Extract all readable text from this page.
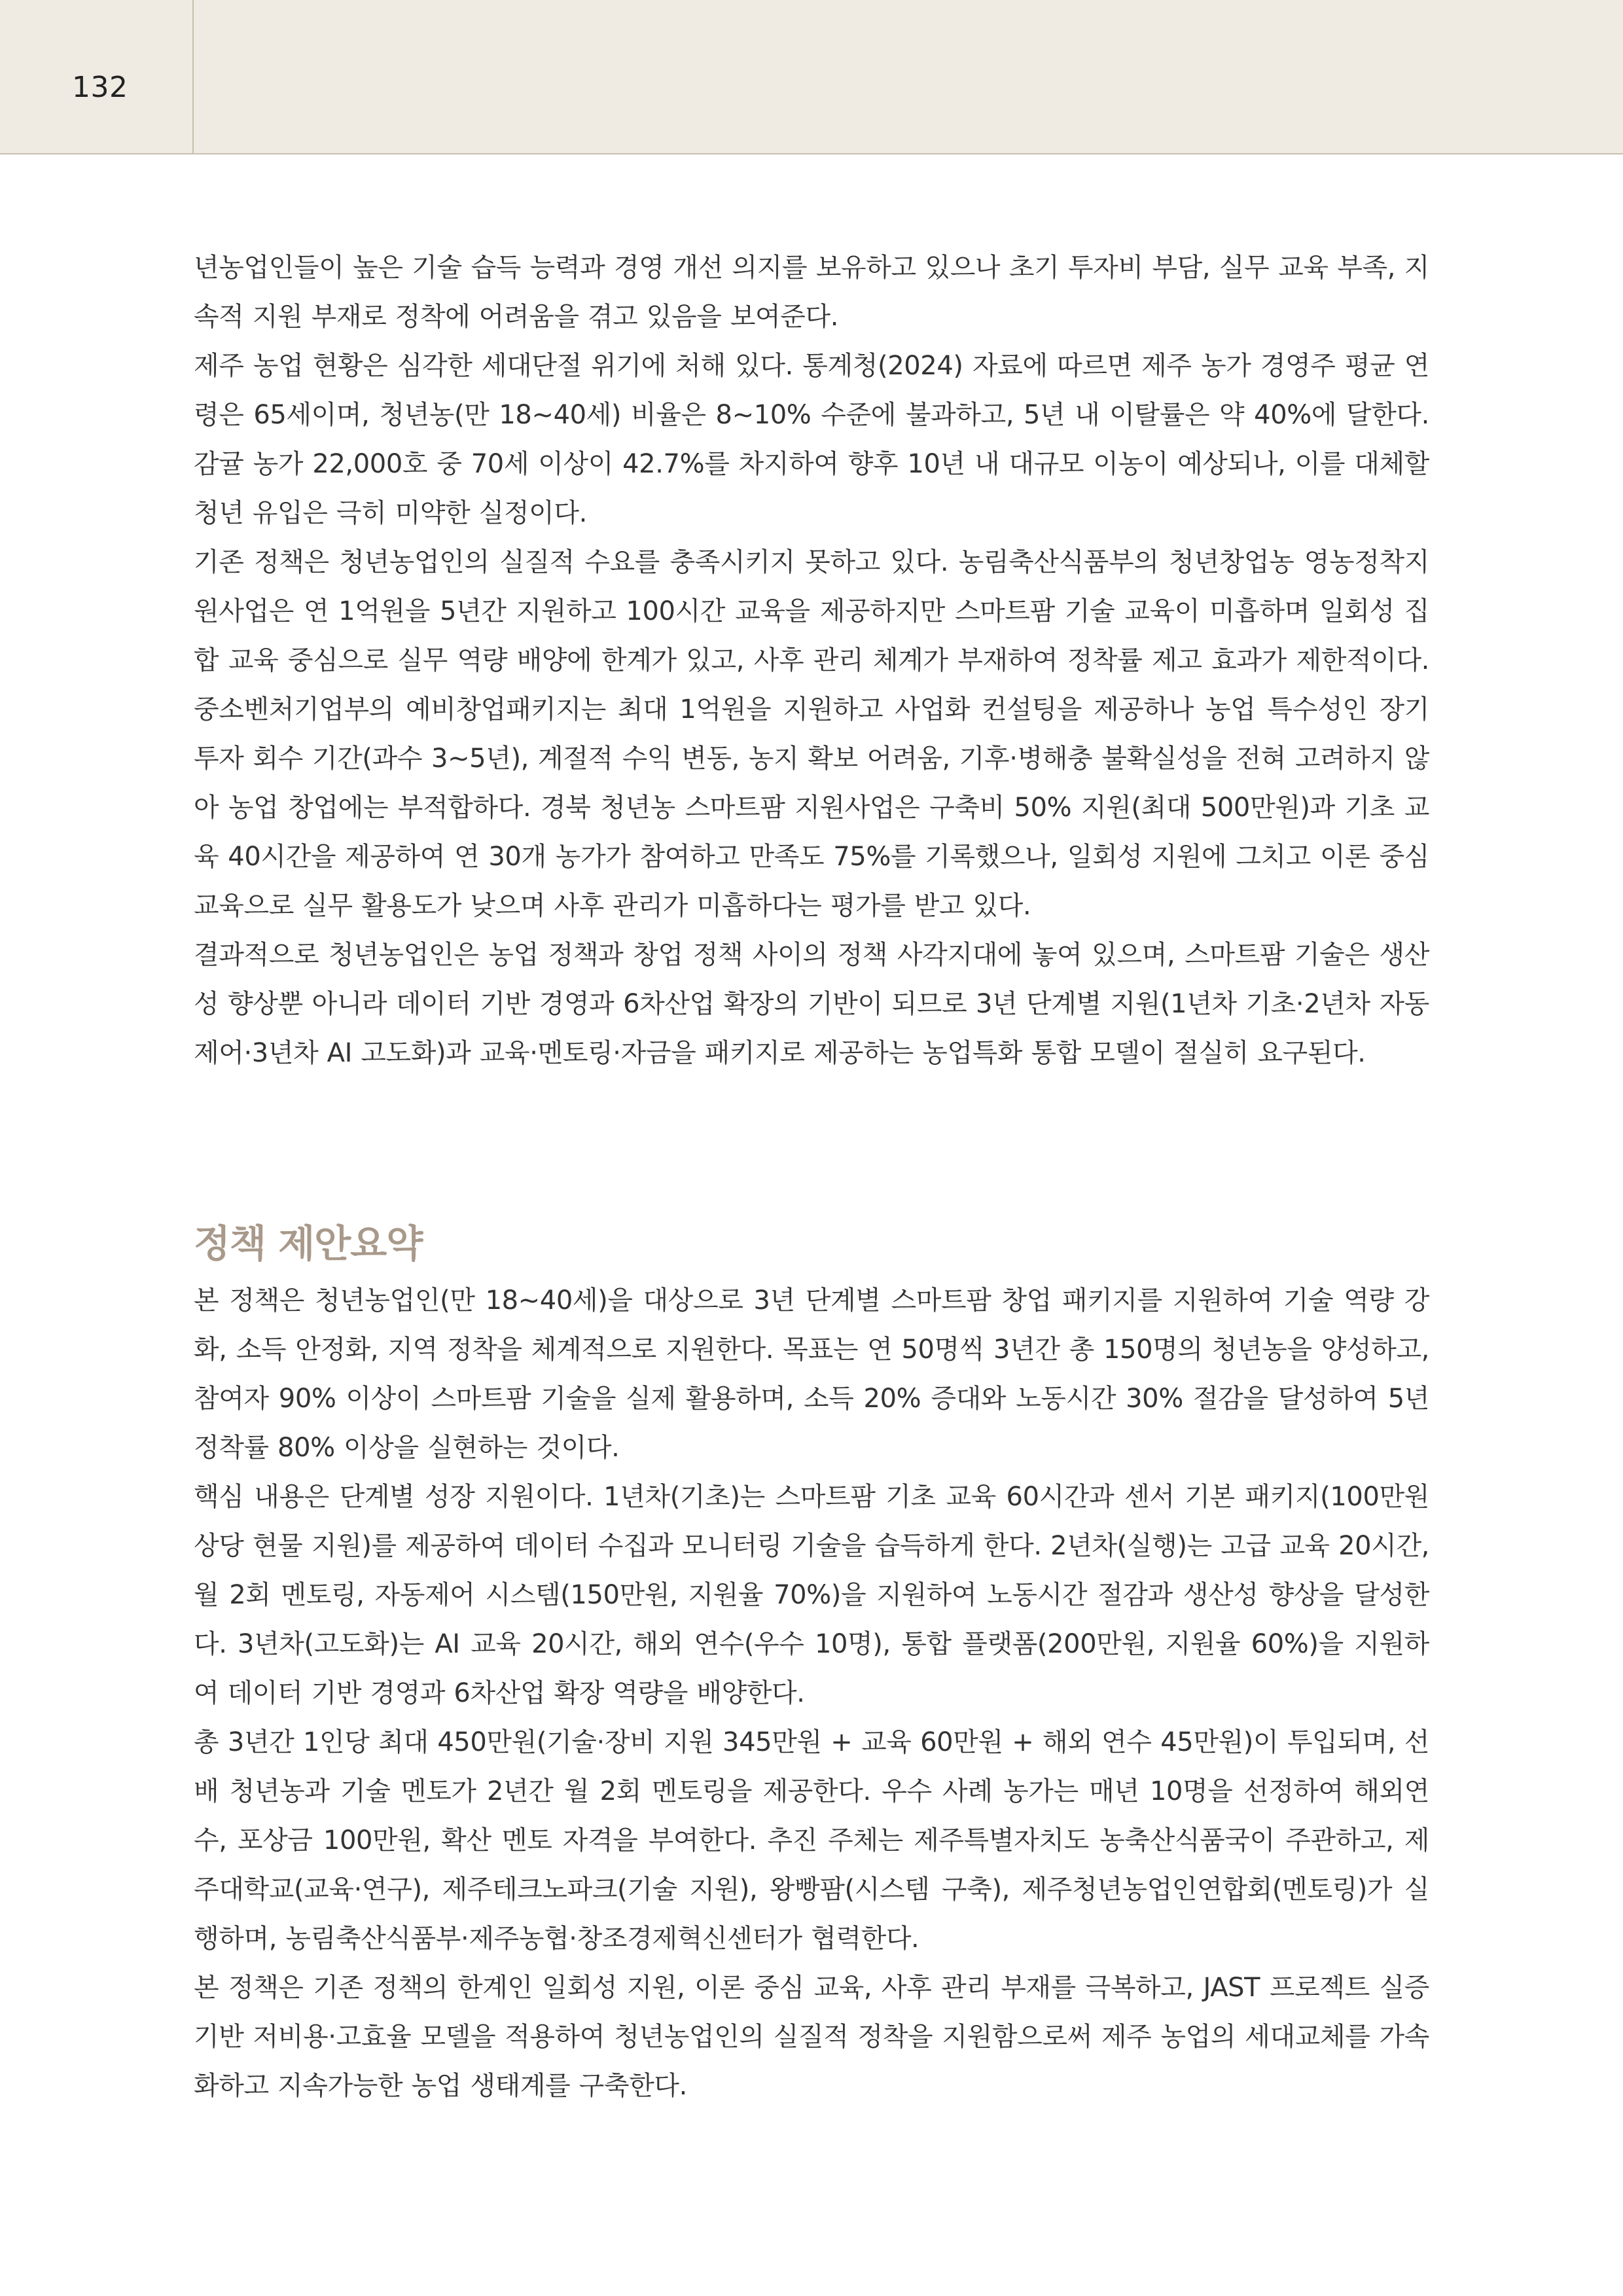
132

년농업인들이 높은 기술 습득 능력과 경영 개선 의지를 보유하고 있으나 초기 투자비 부담, 실무 교육 부족, 지속적 지원 부재로 정착에 어려움을 겪고 있음을 보여준다.

제주 농업 현황은 심각한 세대단절 위기에 처해 있다. 통계청(2024) 자료에 따르면 제주 농가 경영주 평균 연령은 65세이며, 청년농(만 18~40세) 비율은 8~10% 수준에 불과하고, 5년 내 이탈률은 약 40%에 달한다. 감귤 농가 22,000호 중 70세 이상이 42.7%를 차지하여 향후 10년 내 대규모 이농이 예상되나, 이를 대체할 청년 유입은 극히 미약한 실정이다.

기존 정책은 청년농업인의 실질적 수요를 충족시키지 못하고 있다. 농림축산식품부의 청년창업농 영농정착지원사업은 연 1억원을 5년간 지원하고 100시간 교육을 제공하지만 스마트팜 기술 교육이 미흡하며 일회성 집합 교육 중심으로 실무 역량 배양에 한계가 있고, 사후 관리 체계가 부재하여 정착률 제고 효과가 제한적이다. 중소벤처기업부의 예비창업패키지는 최대 1억원을 지원하고 사업화 컨설팅을 제공하나 농업 특수성인 장기 투자 회수 기간(과수 3~5년), 계절적 수익 변동, 농지 확보 어려움, 기후·병해충 불확실성을 전혀 고려하지 않아 농업 창업에는 부적합하다. 경북 청년농 스마트팜 지원사업은 구축비 50% 지원(최대 500만원)과 기초 교육 40시간을 제공하여 연 30개 농가가 참여하고 만족도 75%를 기록했으나, 일회성 지원에 그치고 이론 중심 교육으로 실무 활용도가 낮으며 사후 관리가 미흡하다는 평가를 받고 있다.

결과적으로 청년농업인은 농업 정책과 창업 정책 사이의 정책 사각지대에 놓여 있으며, 스마트팜 기술은 생산성 향상뿐 아니라 데이터 기반 경영과 6차산업 확장의 기반이 되므로 3년 단계별 지원(1년차 기초·2년차 자동제어·3년차 AI 고도화)과 교육·멘토링·자금을 패키지로 제공하는 농업특화 통합 모델이 절실히 요구된다.

정책 제안요약

본 정책은 청년농업인(만 18~40세)을 대상으로 3년 단계별 스마트팜 창업 패키지를 지원하여 기술 역량 강화, 소득 안정화, 지역 정착을 체계적으로 지원한다. 목표는 연 50명씩 3년간 총 150명의 청년농을 양성하고, 참여자 90% 이상이 스마트팜 기술을 실제 활용하며, 소득 20% 증대와 노동시간 30% 절감을 달성하여 5년 정착률 80% 이상을 실현하는 것이다.

핵심 내용은 단계별 성장 지원이다. 1년차(기초)는 스마트팜 기초 교육 60시간과 센서 기본 패키지(100만원 상당 현물 지원)를 제공하여 데이터 수집과 모니터링 기술을 습득하게 한다. 2년차(실행)는 고급 교육 20시간, 월 2회 멘토링, 자동제어 시스템(150만원, 지원율 70%)을 지원하여 노동시간 절감과 생산성 향상을 달성한다. 3년차(고도화)는 AI 교육 20시간, 해외 연수(우수 10명), 통합 플랫폼(200만원, 지원율 60%)을 지원하여 데이터 기반 경영과 6차산업 확장 역량을 배양한다.

총 3년간 1인당 최대 450만원(기술·장비 지원 345만원 + 교육 60만원 + 해외 연수 45만원)이 투입되며, 선배 청년농과 기술 멘토가 2년간 월 2회 멘토링을 제공한다. 우수 사례 농가는 매년 10명을 선정하여 해외연수, 포상금 100만원, 확산 멘토 자격을 부여한다. 추진 주체는 제주특별자치도 농축산식품국이 주관하고, 제주대학교(교육·연구), 제주테크노파크(기술 지원), 왕빵팜(시스템 구축), 제주청년농업인연합회(멘토링)가 실행하며, 농림축산식품부·제주농협·창조경제혁신센터가 협력한다.

본 정책은 기존 정책의 한계인 일회성 지원, 이론 중심 교육, 사후 관리 부재를 극복하고, JAST 프로젝트 실증 기반 저비용·고효율 모델을 적용하여 청년농업인의 실질적 정착을 지원함으로써 제주 농업의 세대교체를 가속화하고 지속가능한 농업 생태계를 구축한다.
